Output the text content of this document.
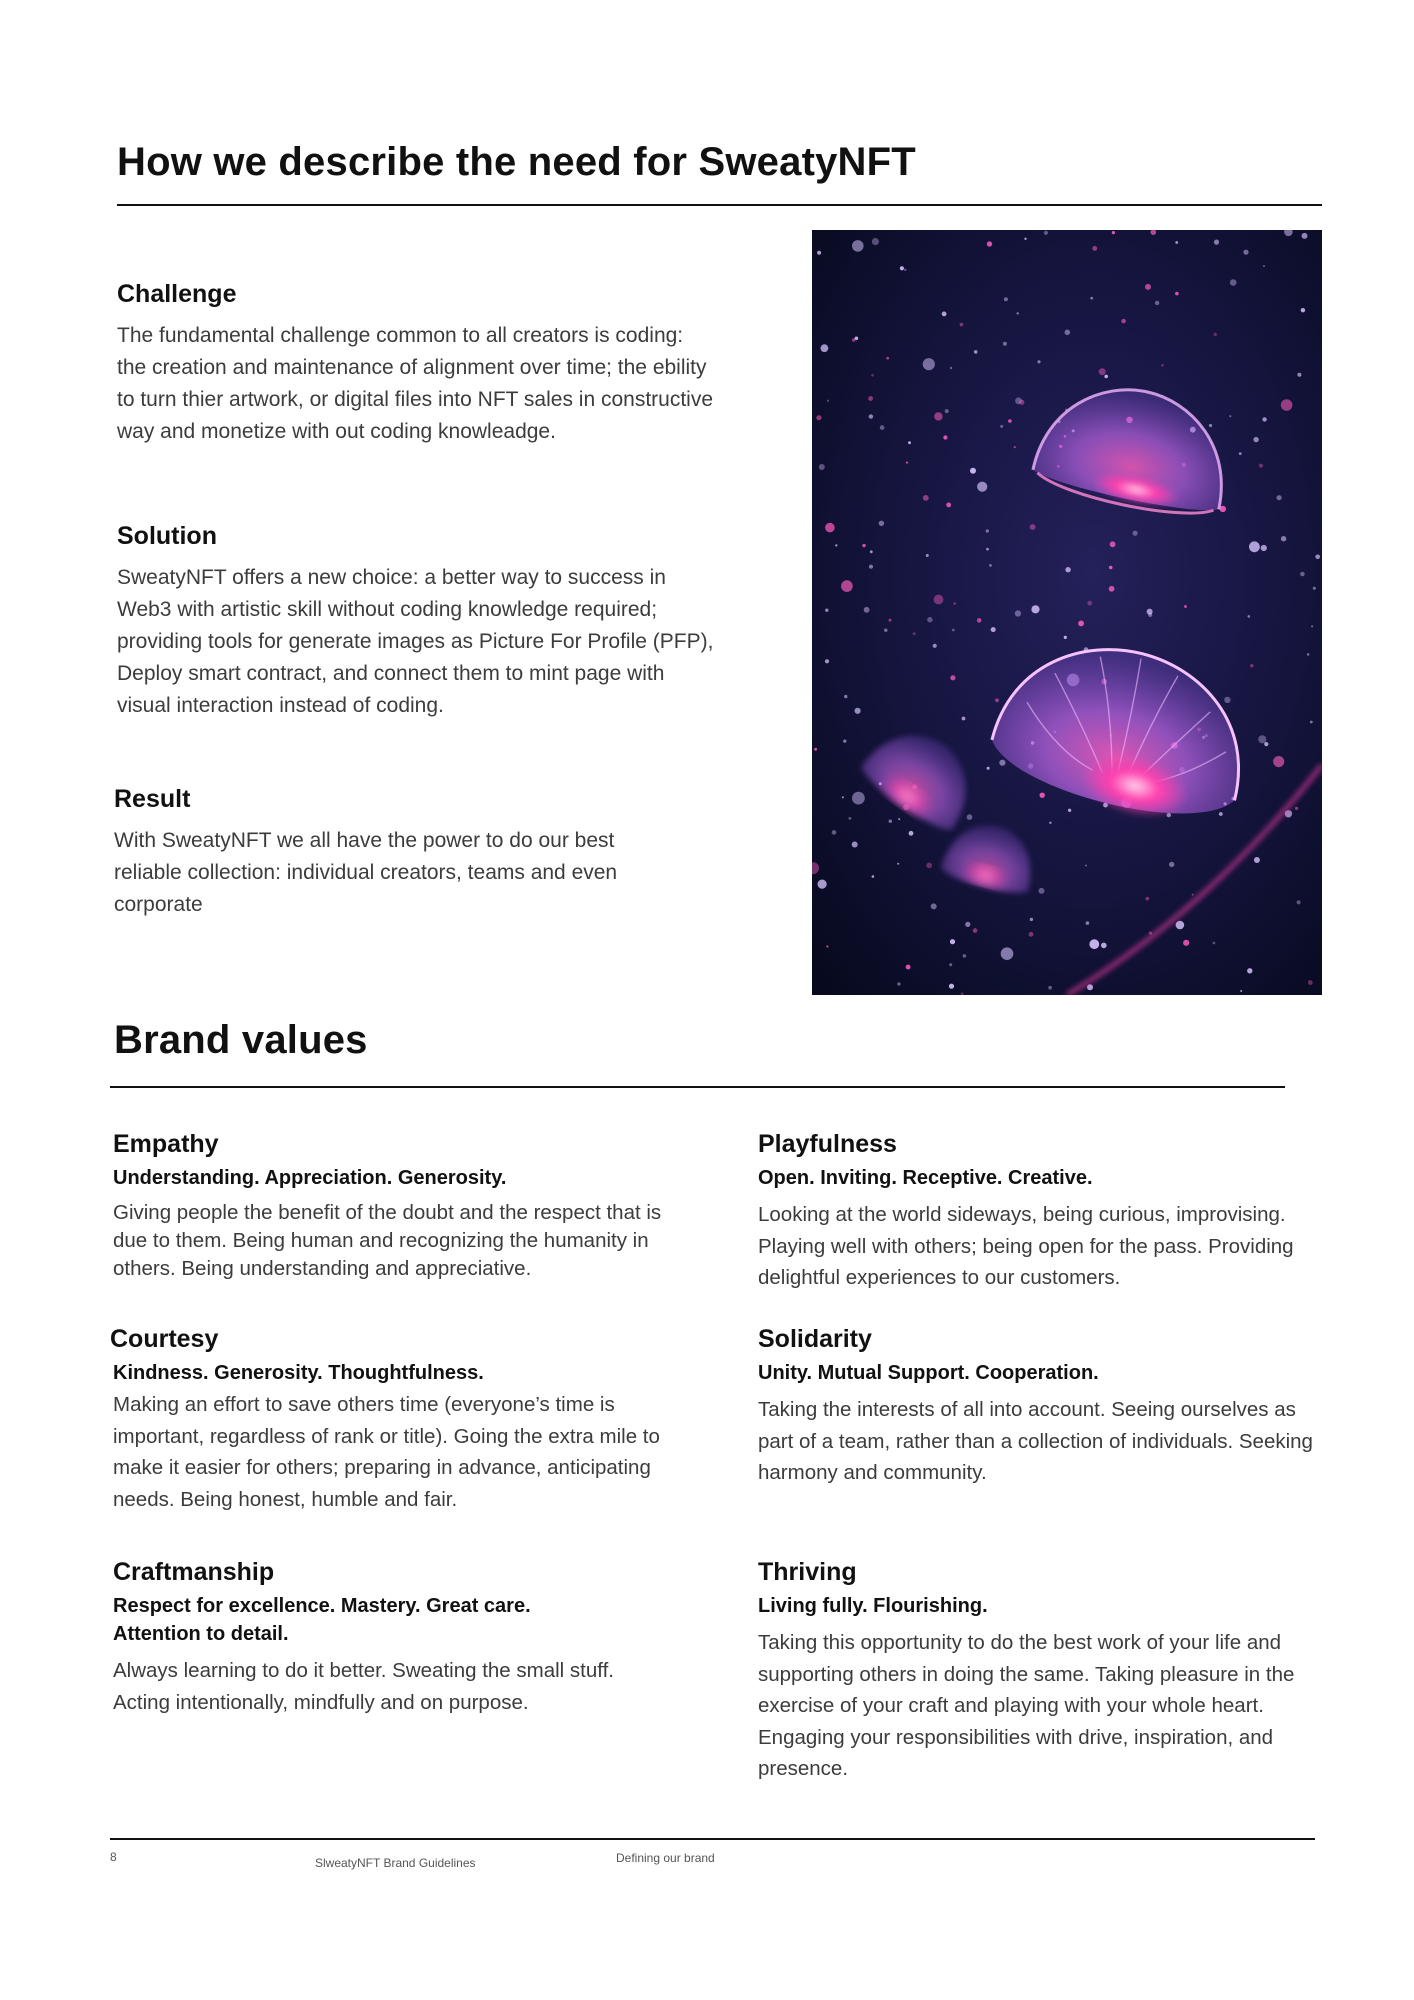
How we describe the need for SweatyNFT
Challenge
The fundamental challenge common to all creators is coding: the creation and maintenance of alignment over time; the ebility to turn thier artwork, or digital files into NFT sales in constructive way and monetize with out coding knowleadge.
Solution
SweatyNFT offers a new choice: a better way to success in Web3 with artistic skill without coding knowledge required; providing tools for generate images as Picture For Profile (PFP), Deploy smart contract, and connect them to mint page with visual interaction instead of coding.
Result
With SweatyNFT we all have the power to do our best reliable collection: individual creators, teams and even corporate
Brand values
Empathy
Understanding. Appreciation. Generosity.
Giving people the benefit of the doubt and the respect that is due to them. Being human and recognizing the humanity in others. Being understanding and appreciative.
Playfulness
Open. Inviting. Receptive. Creative.
Looking at the world sideways, being curious, improvising. Playing well with others; being open for the pass. Providing delightful experiences to our customers.
Courtesy
Kindness. Generosity. Thoughtfulness.
Making an effort to save others time (everyone’s time is important, regardless of rank or title). Going the extra mile to make it easier for others; preparing in advance, anticipating needs. Being honest, humble and fair.
Solidarity
Unity. Mutual Support. Cooperation.
Taking the interests of all into account. Seeing ourselves as part of a team, rather than a collection of individuals. Seeking harmony and community.
Craftmanship
Respect for excellence. Mastery. Great care. Attention to detail.
Always learning to do it better. Sweating the small stuff. Acting intentionally, mindfully and on purpose.
Thriving
Living fully. Flourishing.
Taking this opportunity to do the best work of your life and supporting others in doing the same. Taking pleasure in the exercise of your craft and playing with your whole heart. Engaging your responsibilities with drive, inspiration, and presence.
8	SlweatyNFT Brand Guidelines	Defining our brand
